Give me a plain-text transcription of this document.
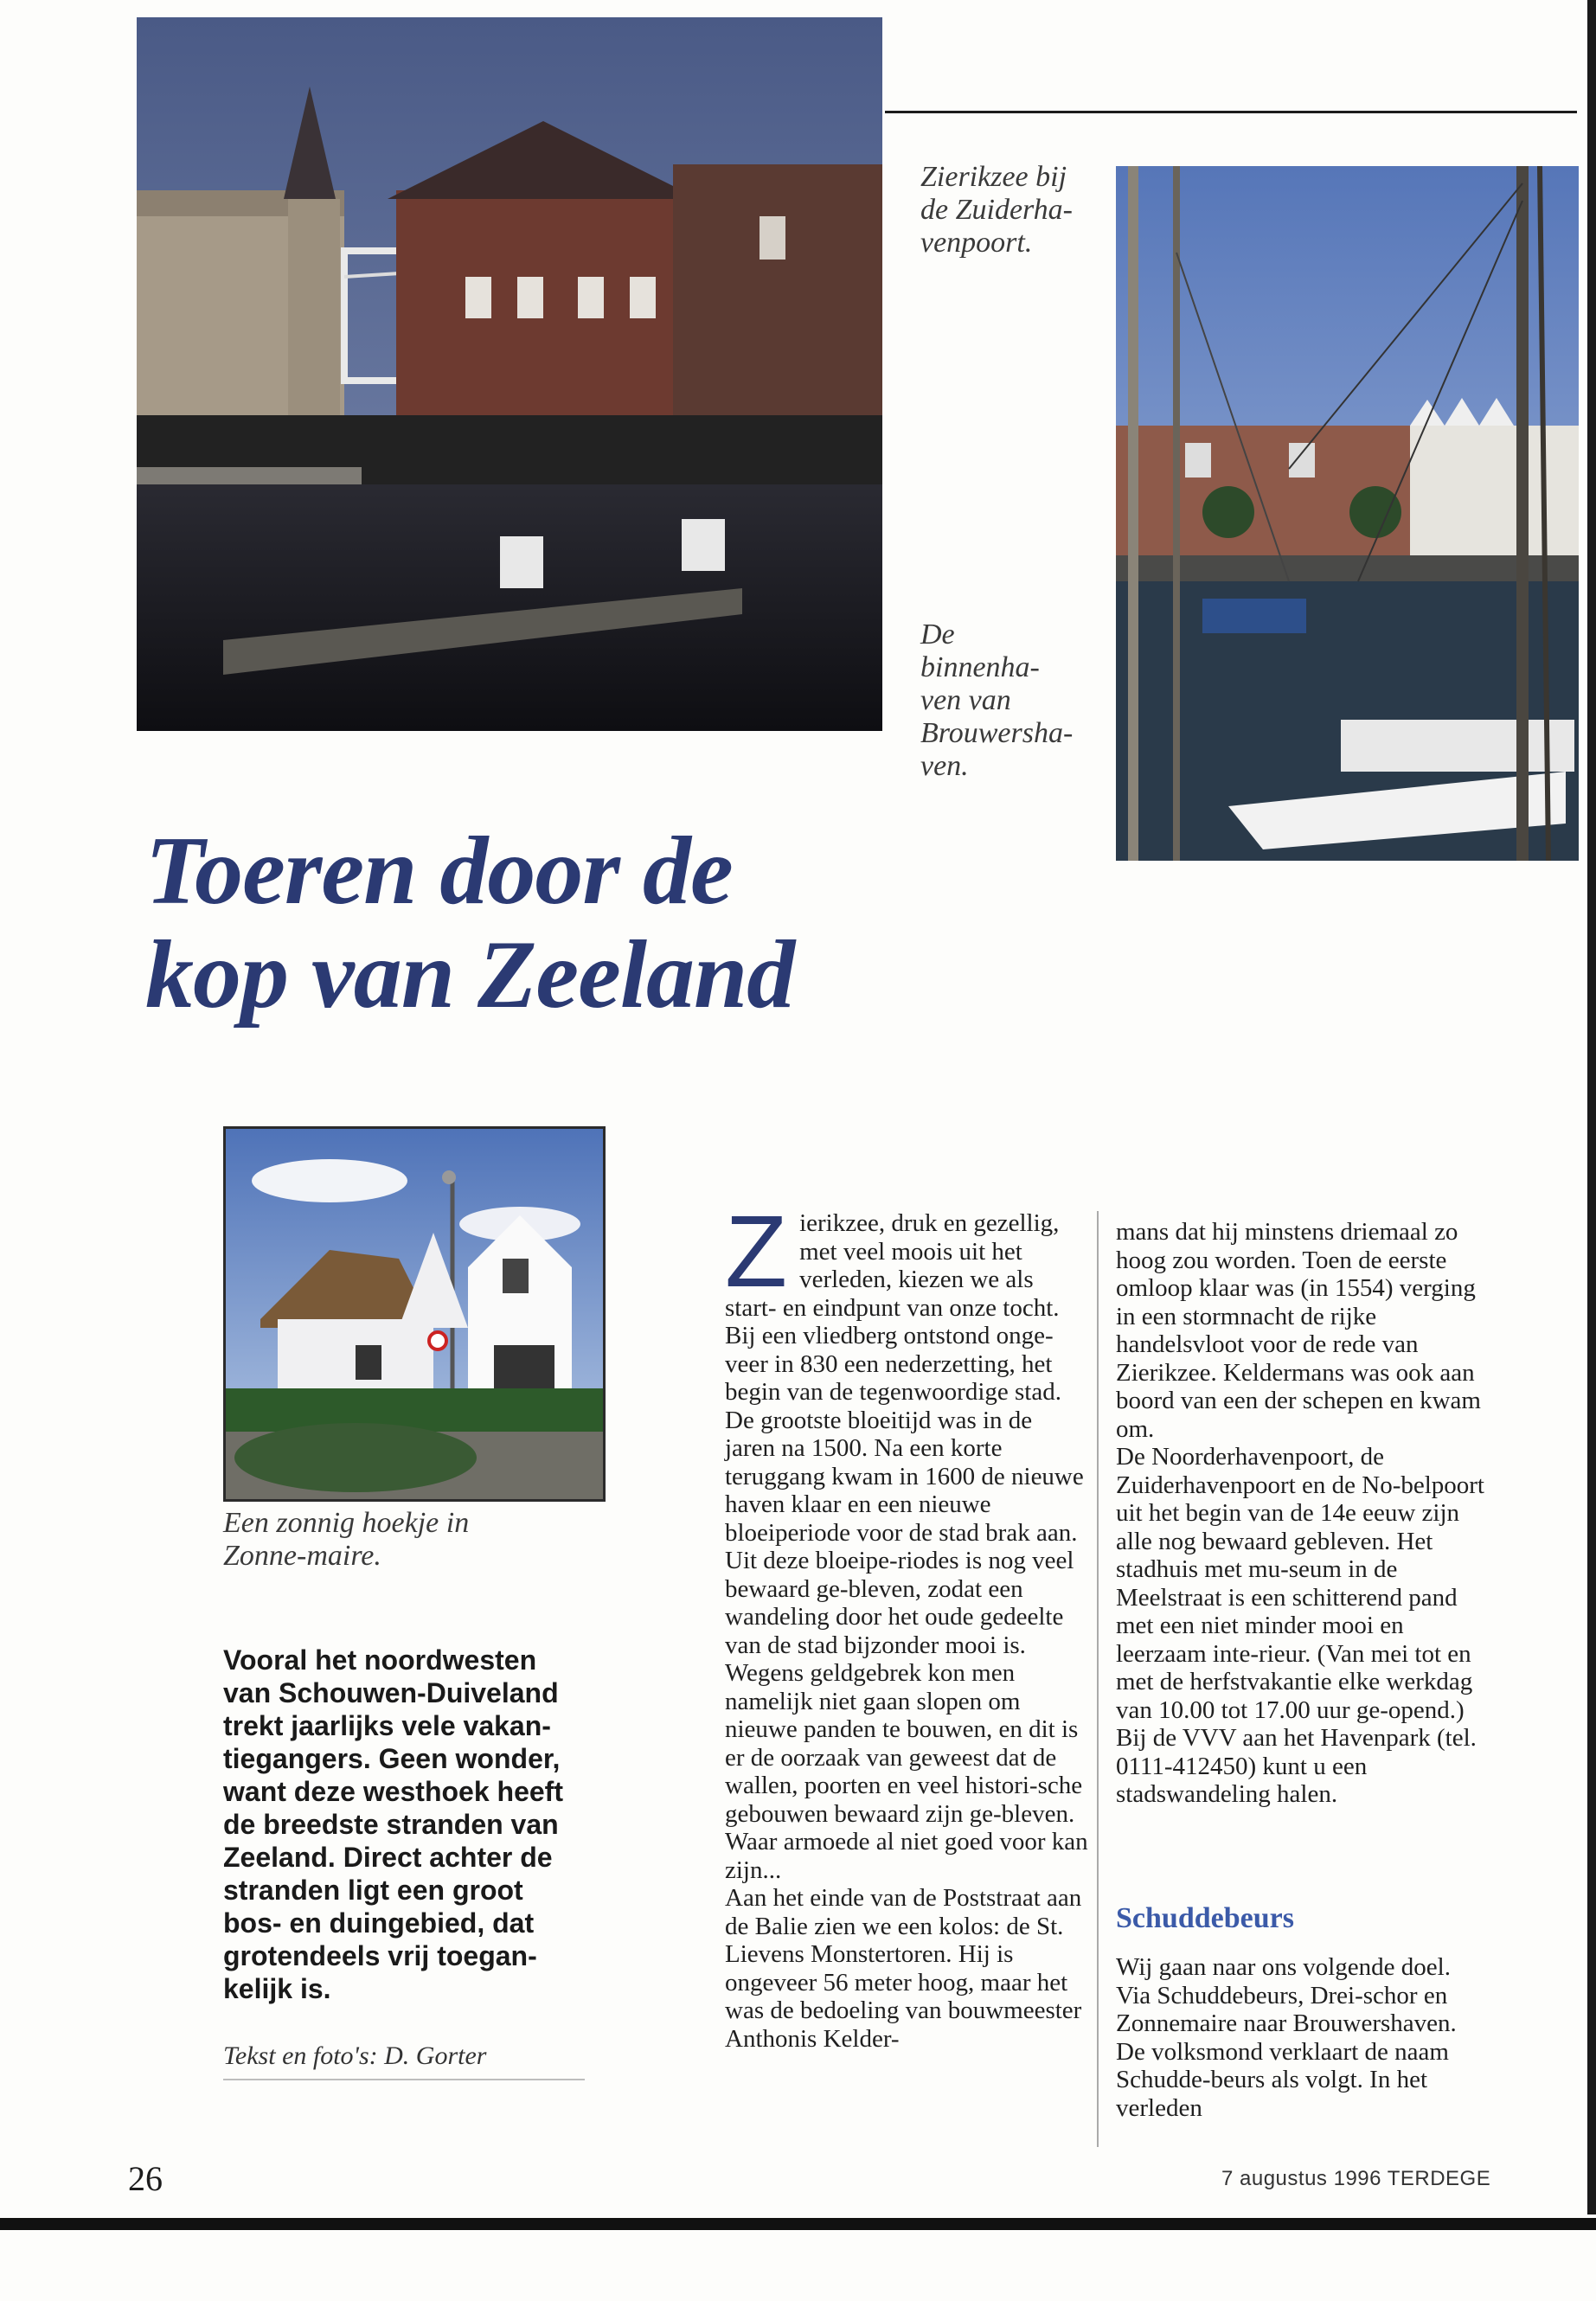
Zierikzee bij de Zuiderha-venpoort.

De binnenha-ven van Brouwersha-ven.

Toeren door de
kop van Zeeland

Een zonnig hoekje in Zonne-maire.

Vooral het noordwesten van Schouwen-Duiveland trekt jaarlijks vele vakan-tiegangers. Geen wonder, want deze westhoek heeft de breedste stranden van Zeeland. Direct achter de stranden ligt een groot bos- en duingebied, dat grotendeels vrij toegan-kelijk is.

Tekst en foto's: D. Gorter

Z ierikzee, druk en gezellig, met veel moois uit het verleden, kiezen we als start- en eindpunt van onze tocht. Bij een vliedberg ontstond onge-veer in 830 een nederzetting, het begin van de tegenwoordige stad. De grootste bloeitijd was in de jaren na 1500. Na een korte teruggang kwam in 1600 de nieuwe haven klaar en een nieuwe bloeiperiode voor de stad brak aan. Uit deze bloeipe-riodes is nog veel bewaard ge-bleven, zodat een wandeling door het oude gedeelte van de stad bijzonder mooi is. Wegens geldgebrek kon men namelijk niet gaan slopen om nieuwe panden te bouwen, en dit is er de oorzaak van geweest dat de wallen, poorten en veel histori-sche gebouwen bewaard zijn ge-bleven.

Waar armoede al niet goed voor kan zijn...

Aan het einde van de Poststraat aan de Balie zien we een kolos: de St. Lievens Monstertoren. Hij is ongeveer 56 meter hoog, maar het was de bedoeling van bouwmeester Anthonis Kelder-

mans dat hij minstens driemaal zo hoog zou worden. Toen de eerste omloop klaar was (in 1554) verging in een stormnacht de rijke handelsvloot voor de rede van Zierikzee. Keldermans was ook aan boord van een der schepen en kwam om.

De Noorderhavenpoort, de Zuiderhavenpoort en de No-belpoort uit het begin van de 14e eeuw zijn alle nog bewaard gebleven. Het stadhuis met mu-seum in de Meelstraat is een schitterend pand met een niet minder mooi en leerzaam inte-rieur. (Van mei tot en met de herfstvakantie elke werkdag van 10.00 tot 17.00 uur ge-opend.)

Bij de VVV aan het Havenpark (tel. 0111-412450) kunt u een stadswandeling halen.

Schuddebeurs

Wij gaan naar ons volgende doel. Via Schuddebeurs, Drei-schor en Zonnemaire naar Brouwershaven. De volksmond verklaart de naam Schudde-beurs als volgt. In het verleden

26	7 augustus 1996 TERDEGE
